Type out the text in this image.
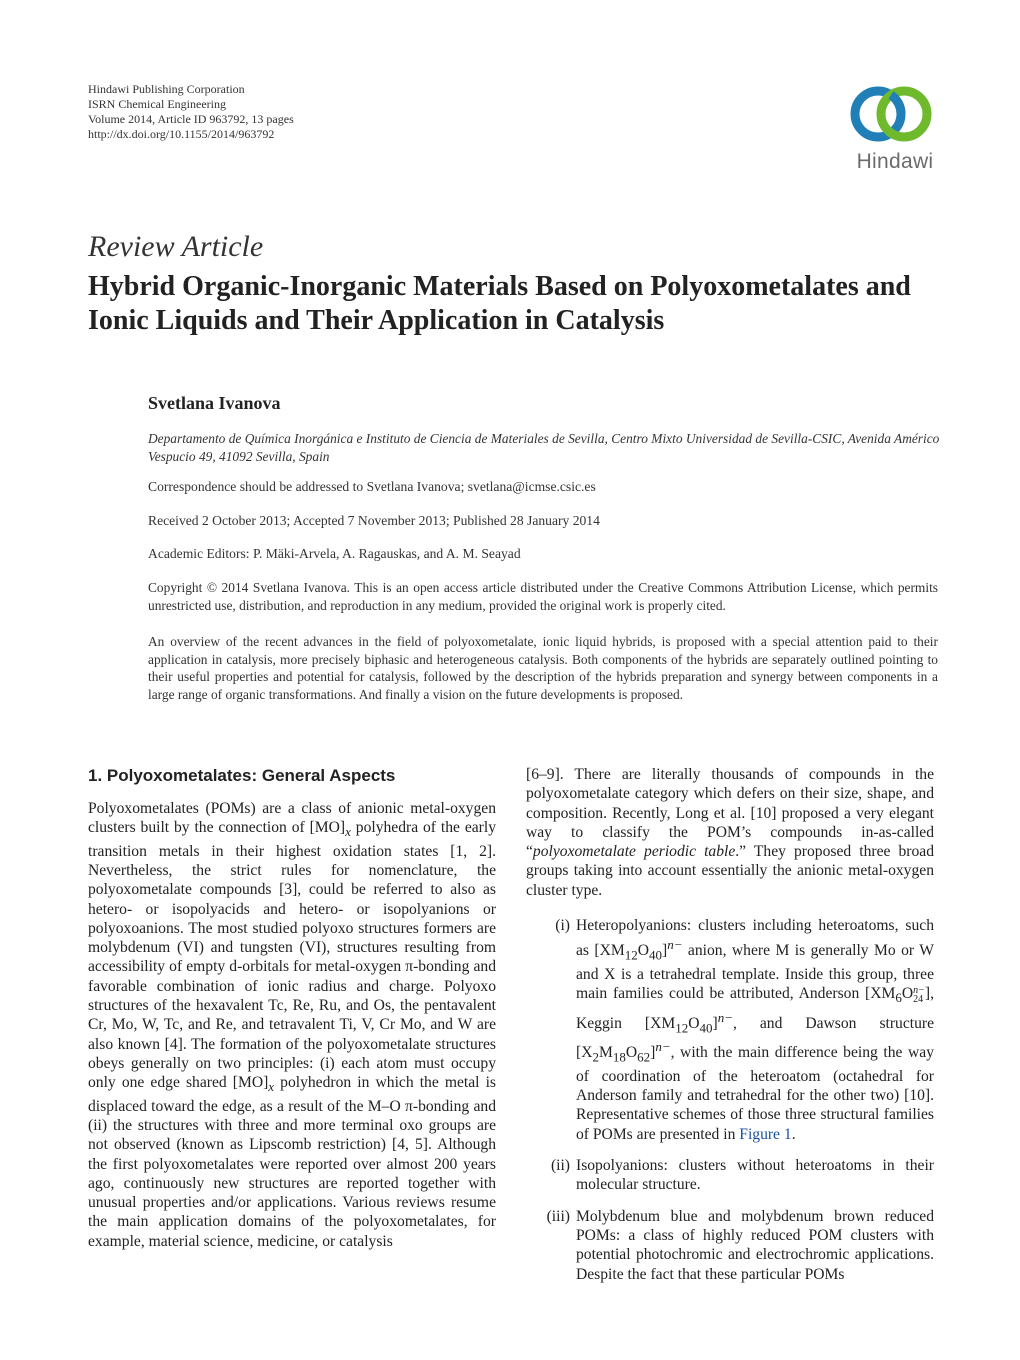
Hindawi Publishing Corporation
ISRN Chemical Engineering
Volume 2014, Article ID 963792, 13 pages
http://dx.doi.org/10.1155/2014/963792
Hindawi
Review Article
Hybrid Organic-Inorganic Materials Based on Polyoxometalates and Ionic Liquids and Their Application in Catalysis
Svetlana Ivanova
Departamento de Química Inorgánica e Instituto de Ciencia de Materiales de Sevilla, Centro Mixto Universidad de Sevilla-CSIC, Avenida Américo Vespucio 49, 41092 Sevilla, Spain
Correspondence should be addressed to Svetlana Ivanova; svetlana@icmse.csic.es
Received 2 October 2013; Accepted 7 November 2013; Published 28 January 2014
Academic Editors: P. Mäki-Arvela, A. Ragauskas, and A. M. Seayad
Copyright © 2014 Svetlana Ivanova. This is an open access article distributed under the Creative Commons Attribution License, which permits unrestricted use, distribution, and reproduction in any medium, provided the original work is properly cited.
An overview of the recent advances in the field of polyoxometalate, ionic liquid hybrids, is proposed with a special attention paid to their application in catalysis, more precisely biphasic and heterogeneous catalysis. Both components of the hybrids are separately outlined pointing to their useful properties and potential for catalysis, followed by the description of the hybrids preparation and synergy between components in a large range of organic transformations. And finally a vision on the future developments is proposed.
1. Polyoxometalates: General Aspects

Polyoxometalates (POMs) are a class of anionic metal-oxygen clusters built by the connection of $[MO]_x$ polyhedra of the early transition metals in their highest oxidation states [1, 2]. Nevertheless, the strict rules for nomenclature, the polyoxometalate compounds [3], could be referred to also as hetero- or isopolyacids and hetero- or isopolyanions or polyoxoanions. The most studied polyoxo structures formers are molybdenum (VI) and tungsten (VI), structures resulting from accessibility of empty d-orbitals for metal-oxygen π-bonding and favorable combination of ionic radius and charge. Polyoxo structures of the hexavalent Tc, Re, Ru, and Os, the pentavalent Cr, Mo, W, Tc, and Re, and tetravalent Ti, V, Cr Mo, and W are also known [4]. The formation of the polyoxometalate structures obeys generally on two principles: (i) each atom must occupy only one edge shared $[MO]_x$ polyhedron in which the metal is displaced toward the edge, as a result of the M–O π-bonding and (ii) the structures with three and more terminal oxo groups are not observed (known as Lipscomb restriction) [4, 5]. Although the first polyoxometalates were reported over almost 200 years ago, continuously new structures are reported together with unusual properties and/or applications. Various reviews resume the main application domains of the polyoxometalates, for example, material science, medicine, or catalysis

[6–9]. There are literally thousands of compounds in the polyoxometalate category which defers on their size, shape, and composition. Recently, Long et al. [10] proposed a very elegant way to classify the POM’s compounds in-as-called “polyoxometalate periodic table.” They proposed three broad groups taking into account essentially the anionic metal-oxygen cluster type.

(i) Heteropolyanions: clusters including heteroatoms, such as $[XM_{12}O_{40}]^{n-}$ anion, where M is generally Mo or W and X is a tetrahedral template. Inside this group, three main families could be attributed, Anderson [$XM_6O$ n−
24 ], Keggin $[XM_{12}O_{40}]^{n-}$, and Dawson structure $[X_2M_{18}O_{62}]^{n-}$, with the main difference being the way of coordination of the heteroatom (octahedral for Anderson family and tetrahedral for the other two) [10]. Representative schemes of those three structural families of POMs are presented in Figure 1.
(ii) Isopolyanions: clusters without heteroatoms in their molecular structure.
(iii) Molybdenum blue and molybdenum brown reduced POMs: a class of highly reduced POM clusters with potential photochromic and electrochromic applications. Despite the fact that these particular POMs
